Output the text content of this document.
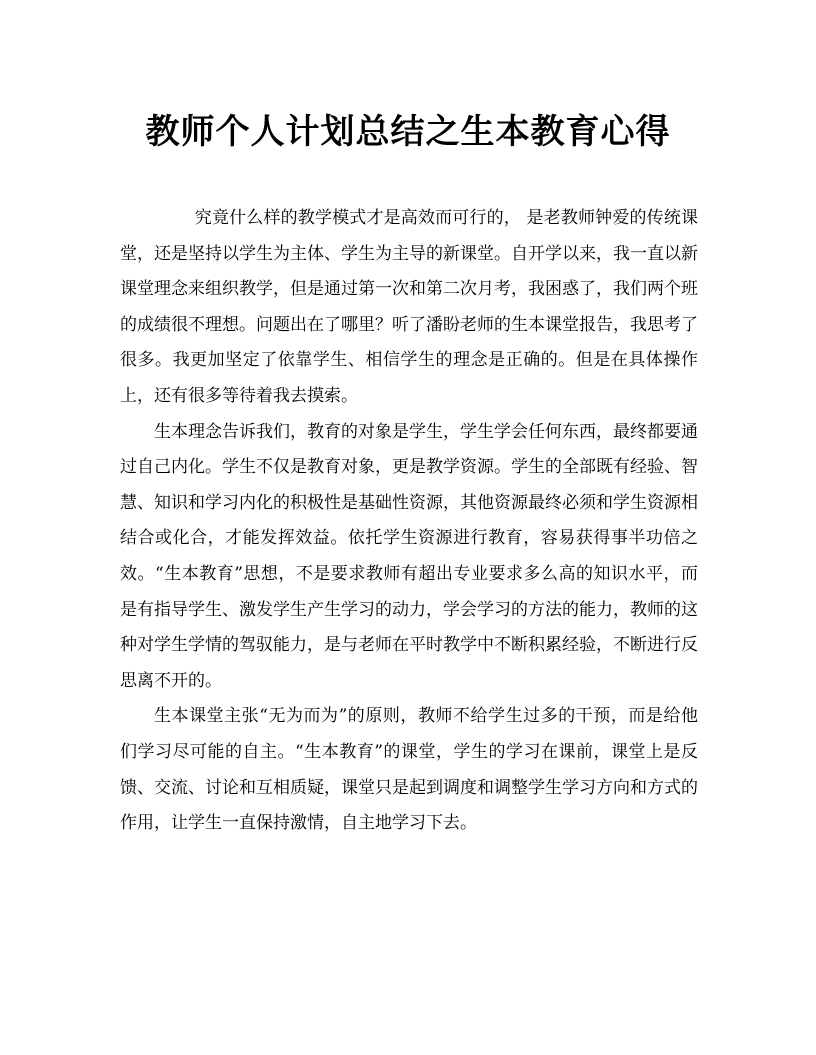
教师个人计划总结之生本教育心得

究竟什么样的教学模式才是高效而可行的， 是老教师钟爱的传统课堂，还是坚持以学生为主体、学生为主导的新课堂。自开学以来，我一直以新课堂理念来组织教学，但是通过第一次和第二次月考，我困惑了，我们两个班的成绩很不理想。问题出在了哪里？听了潘盼老师的生本课堂报告，我思考了很多。我更加坚定了依靠学生、相信学生的理念是正确的。但是在具体操作上，还有很多等待着我去摸索。

生本理念告诉我们，教育的对象是学生，学生学会任何东西，最终都要通过自己内化。学生不仅是教育对象，更是教学资源。学生的全部既有经验、智慧、知识和学习内化的积极性是基础性资源，其他资源最终必须和学生资源相结合或化合，才能发挥效益。依托学生资源进行教育，容易获得事半功倍之效。“生本教育”思想，不是要求教师有超出专业要求多么高的知识水平，而是有指导学生、激发学生产生学习的动力，学会学习的方法的能力，教师的这种对学生学情的驾驭能力，是与老师在平时教学中不断积累经验，不断进行反思离不开的。

生本课堂主张“无为而为”的原则，教师不给学生过多的干预，而是给他们学习尽可能的自主。“生本教育”的课堂，学生的学习在课前，课堂上是反馈、交流、讨论和互相质疑，课堂只是起到调度和调整学生学习方向和方式的作用，让学生一直保持激情，自主地学习下去。
